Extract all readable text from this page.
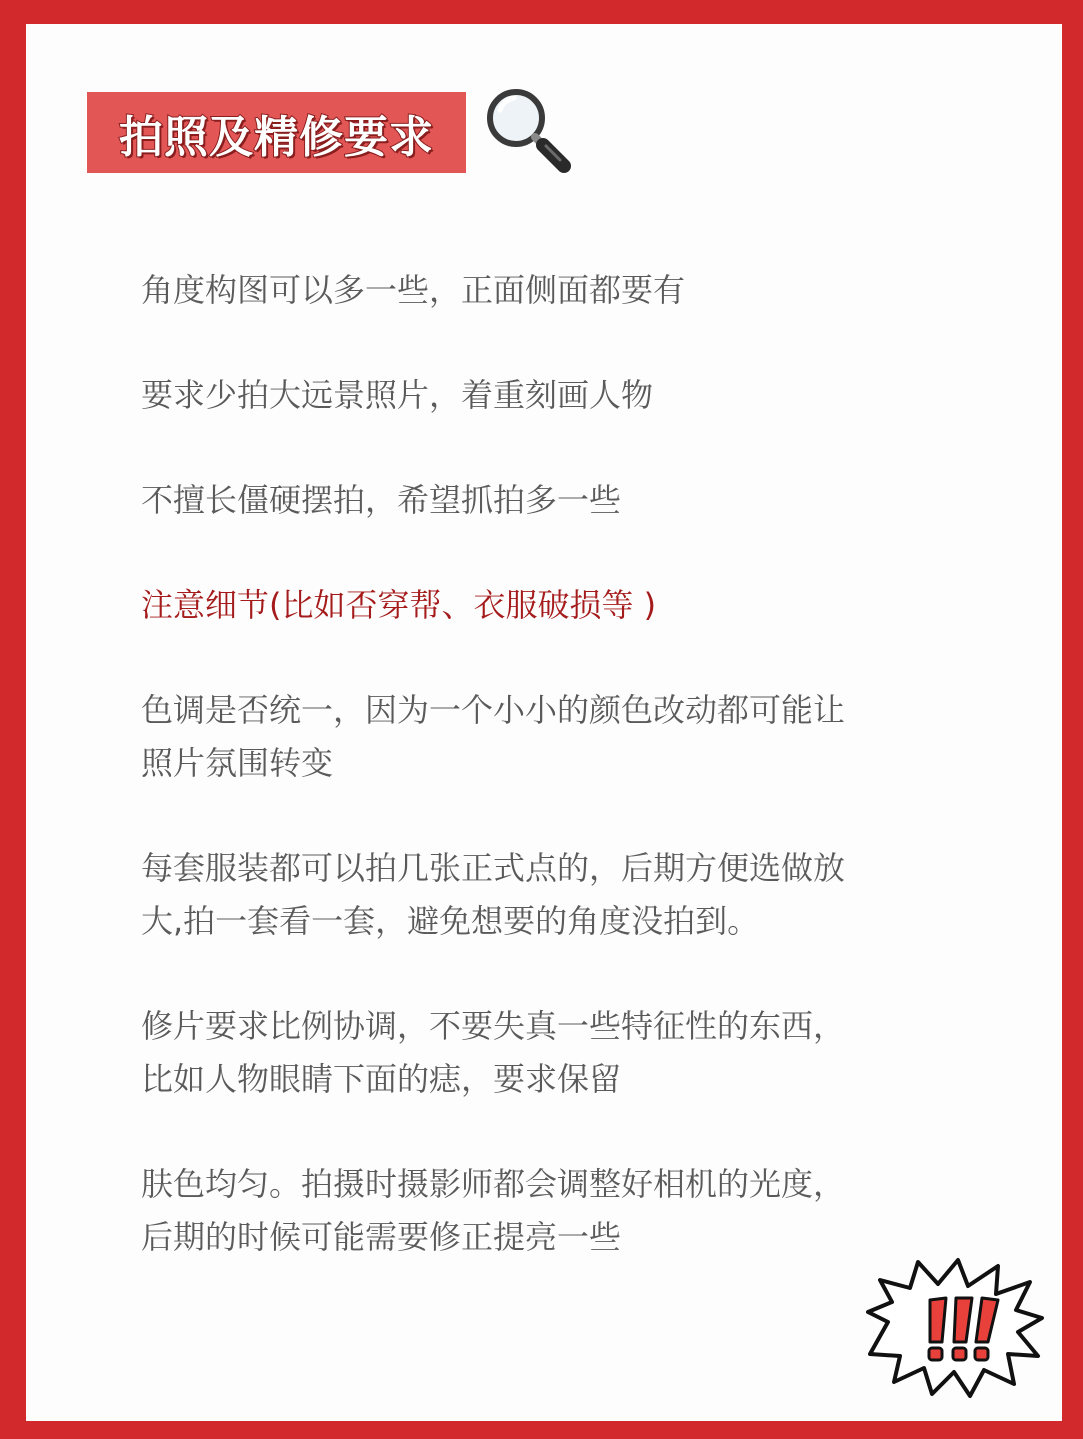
拍照及精修要求

角度构图可以多一些，正面侧面都要有

要求少拍大远景照片，着重刻画人物

不擅长僵硬摆拍，希望抓拍多一些

注意细节(比如否穿帮、衣服破损等 )

色调是否统一，因为一个小小的颜色改动都可能让
照片氛围转变

每套服装都可以拍几张正式点的，后期方便选做放
大,拍一套看一套，避免想要的角度没拍到。

修片要求比例协调，不要失真一些特征性的东西，
比如人物眼睛下面的痣，要求保留

肤色均匀。拍摄时摄影师都会调整好相机的光度，
后期的时候可能需要修正提亮一些
